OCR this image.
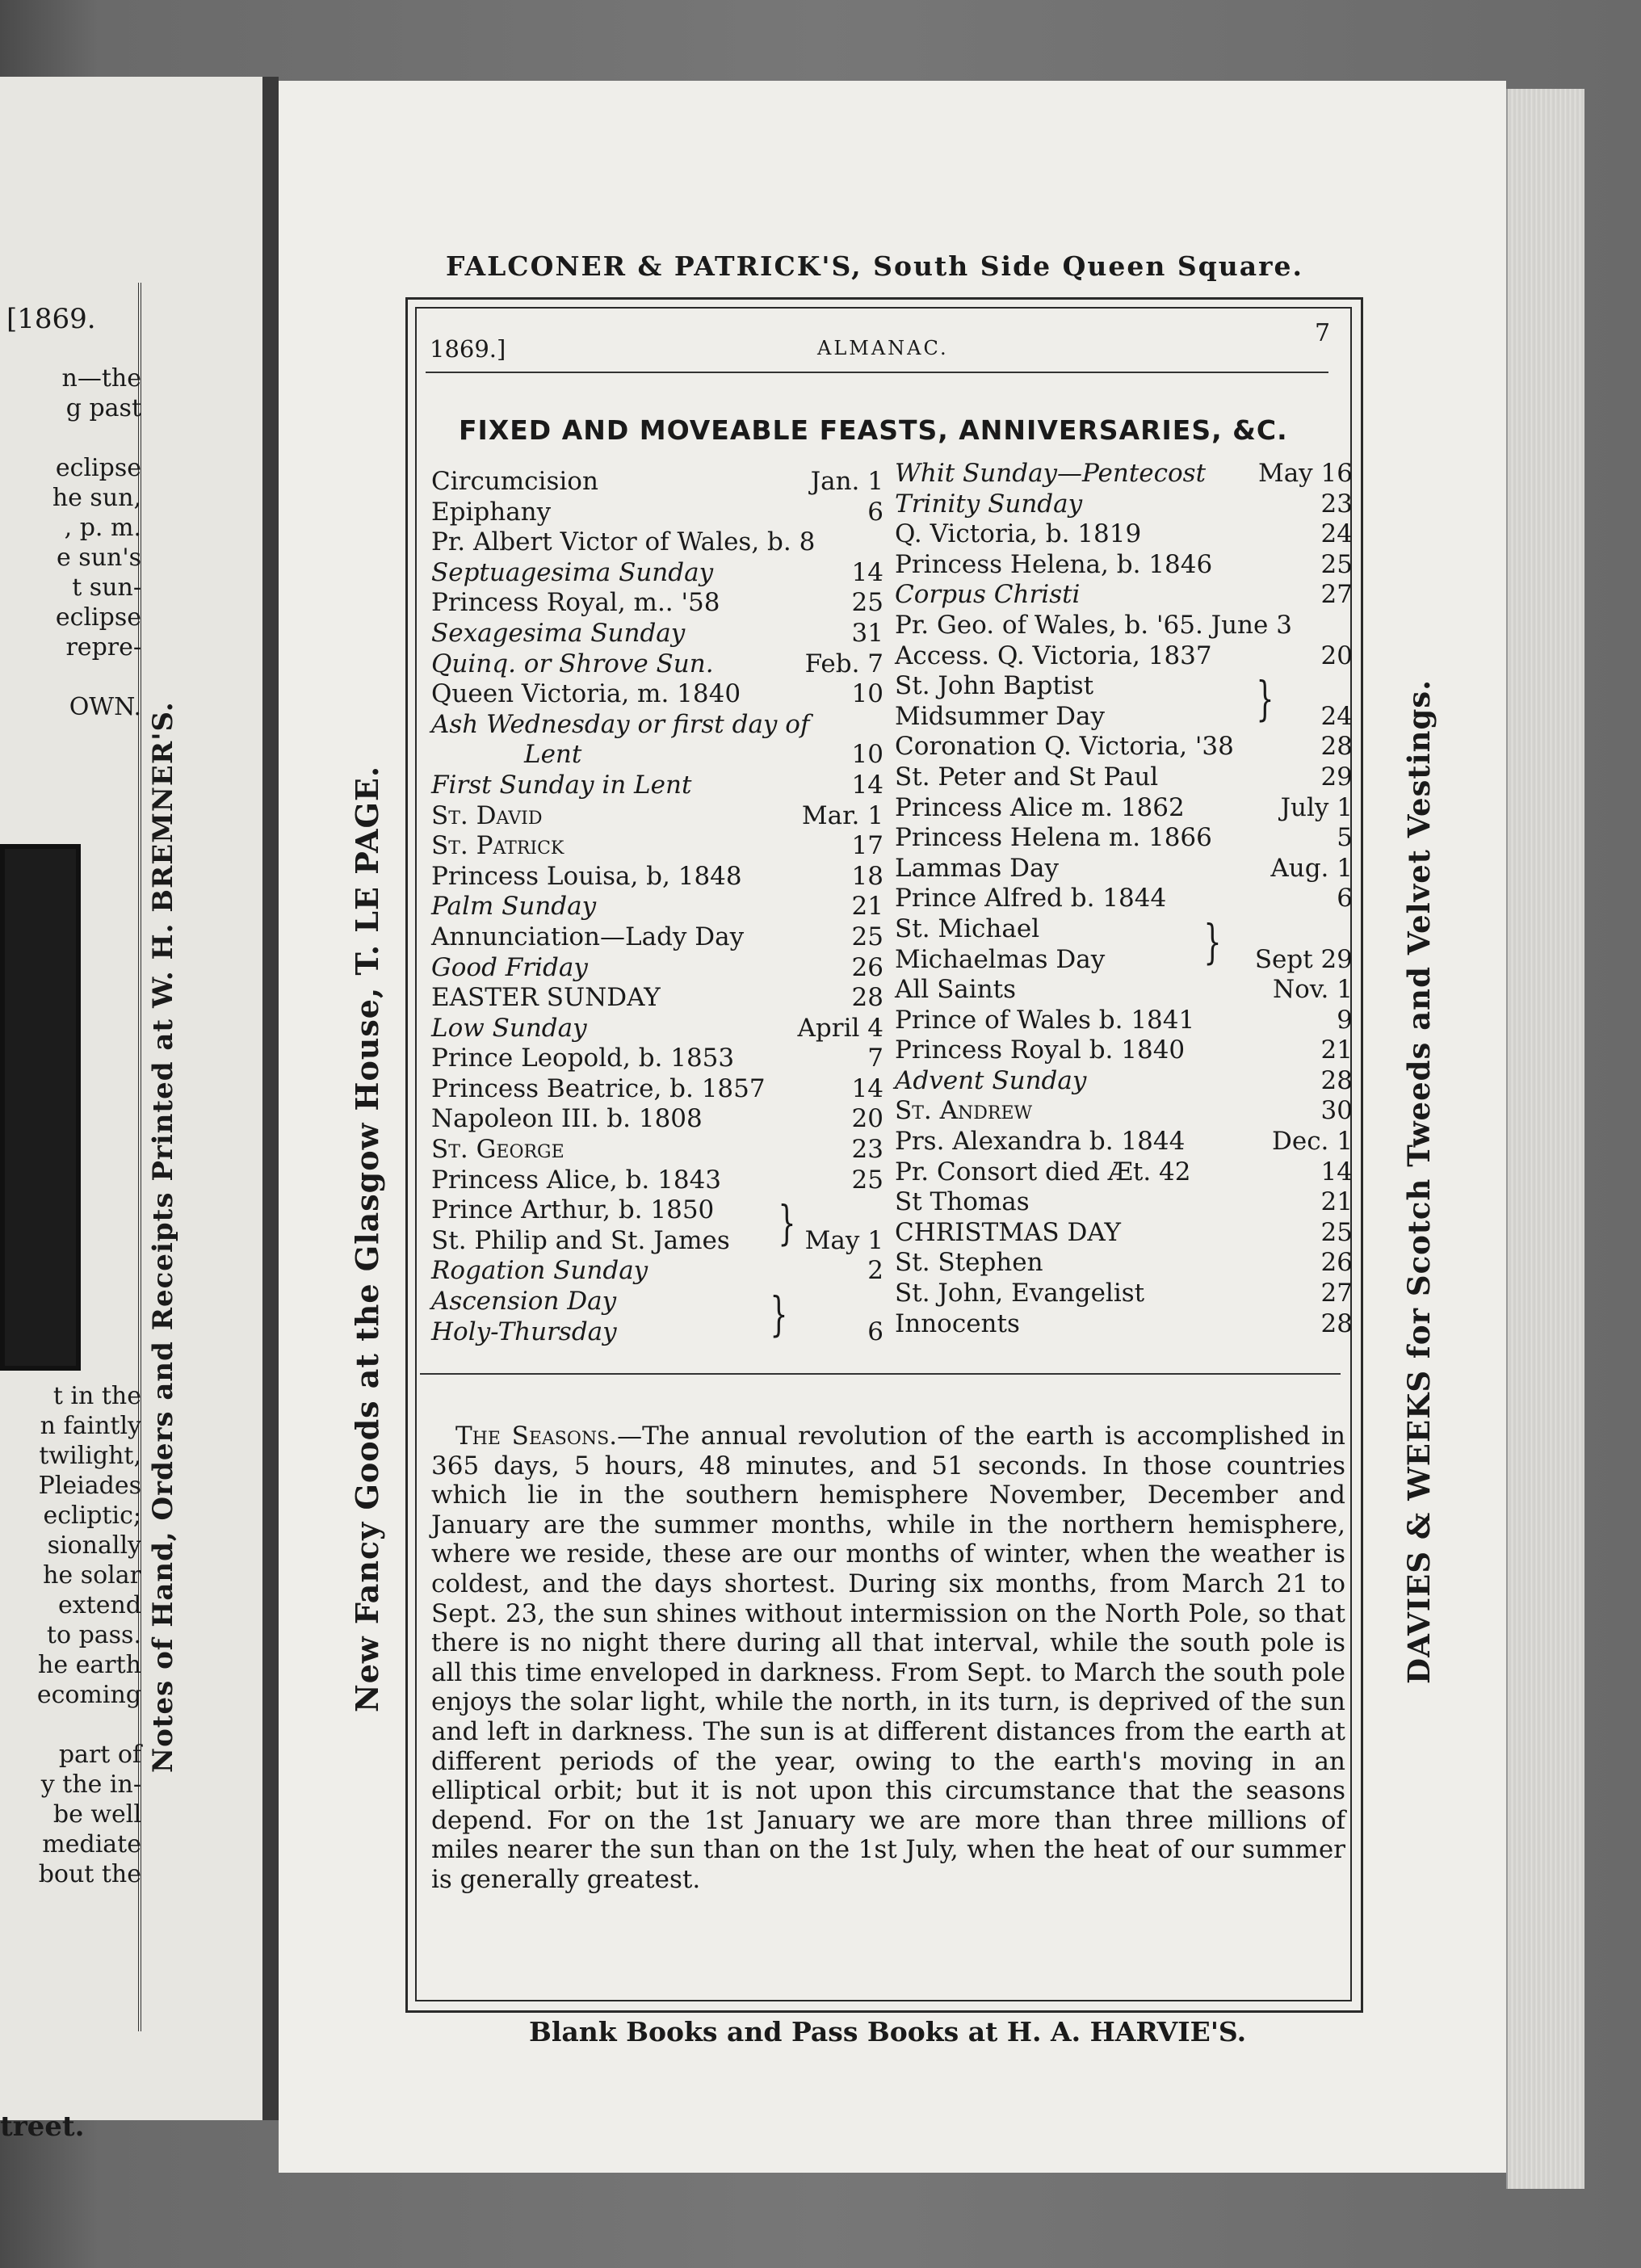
[1869.
n—the
g past
eclipse
he sun,
, p. m.
e sun's
t sun-
eclipse
repre-
OWN.
t in the
n faintly
twilight,
Pleiades
ecliptic;
sionally
he solar
extend
to pass.
he earth
ecoming
part of
y the in-
be well
mediate
bout the
treet.
Notes of Hand, Orders and Receipts Printed at W. H. BREMNER'S.
FALCONER & PATRICK'S, South Side Queen Square.
New Fancy Goods at the Glasgow House, T. LE PAGE.	DAVIES & WEEKS for Scotch Tweeds and Velvet Vestings.
Blank Books and Pass Books at H. A. HARVIE'S.
1869.]	ALMANAC.
7
FIXED AND MOVEABLE FEASTS, ANNIVERSARIES, &C.
Circumcision	Jan. 1
Epiphany	6
Pr. Albert Victor of Wales, b. 8
Septuagesima Sunday	14
Princess Royal, m.. '58	25
Sexagesima Sunday	31
Quinq. or Shrove Sun.	Feb. 7
Queen Victoria, m. 1840	10
Ash Wednesday or first day of
Lent	10
First Sunday in Lent	14
St. David	Mar. 1
St. Patrick	17
Princess Louisa, b, 1848	18
Palm Sunday	21
Annunciation—Lady Day	25
Good Friday	26
EASTER SUNDAY	28
Low Sunday	April 4
Prince Leopold, b. 1853	7
Princess Beatrice, b. 1857	14
Napoleon III. b. 1808	20
St. George	23
Princess Alice, b. 1843	25
Prince Arthur, b. 1850
St. Philip and St. James	May 1
Rogation Sunday	2
Ascension Day
Holy-Thursday	6
}
}
Whit Sunday—Pentecost May 16
Trinity Sunday	23
Q. Victoria, b. 1819	24
Princess Helena, b. 1846	25
Corpus Christi	27
Pr. Geo. of Wales, b. '65. June 3
Access. Q. Victoria, 1837	20
St. John Baptist
Midsummer Day	24
Coronation Q. Victoria, '38	28
St. Peter and St Paul	29
Princess Alice m. 1862	July 1
Princess Helena m. 1866	5
Lammas Day	Aug. 1
Prince Alfred b. 1844	6
St. Michael
Michaelmas Day	Sept 29
All Saints	Nov. 1
Prince of Wales b. 1841	9
Princess Royal b. 1840	21
Advent Sunday	28
St. Andrew	30
Prs. Alexandra b. 1844	Dec. 1
Pr. Consort died Æt. 42	14
St Thomas	21
CHRISTMAS DAY	25
St. Stephen	26
St. John, Evangelist	27
Innocents	28
}
}

The Seasons.—The annual revolution of the earth is accomplished in 365 days, 5 hours, 48 minutes, and 51 seconds. In those countries which lie in the southern hemisphere November, December and January are the summer months, while in the northern hemisphere, where we reside, these are our months of winter, when the weather is coldest, and the days shortest. During six months, from March 21 to Sept. 23, the sun shines without intermission on the North Pole, so that there is no night there during all that interval, while the south pole is all this time enveloped in darkness. From Sept. to March the south pole enjoys the solar light, while the north, in its turn, is deprived of the sun and left in darkness. The sun is at different distances from the earth at different periods of the year, owing to the earth's moving in an elliptical orbit; but it is not upon this circumstance that the seasons depend. For on the 1st January we are more than three millions of miles nearer the sun than on the 1st July, when the heat of our summer is generally greatest.
